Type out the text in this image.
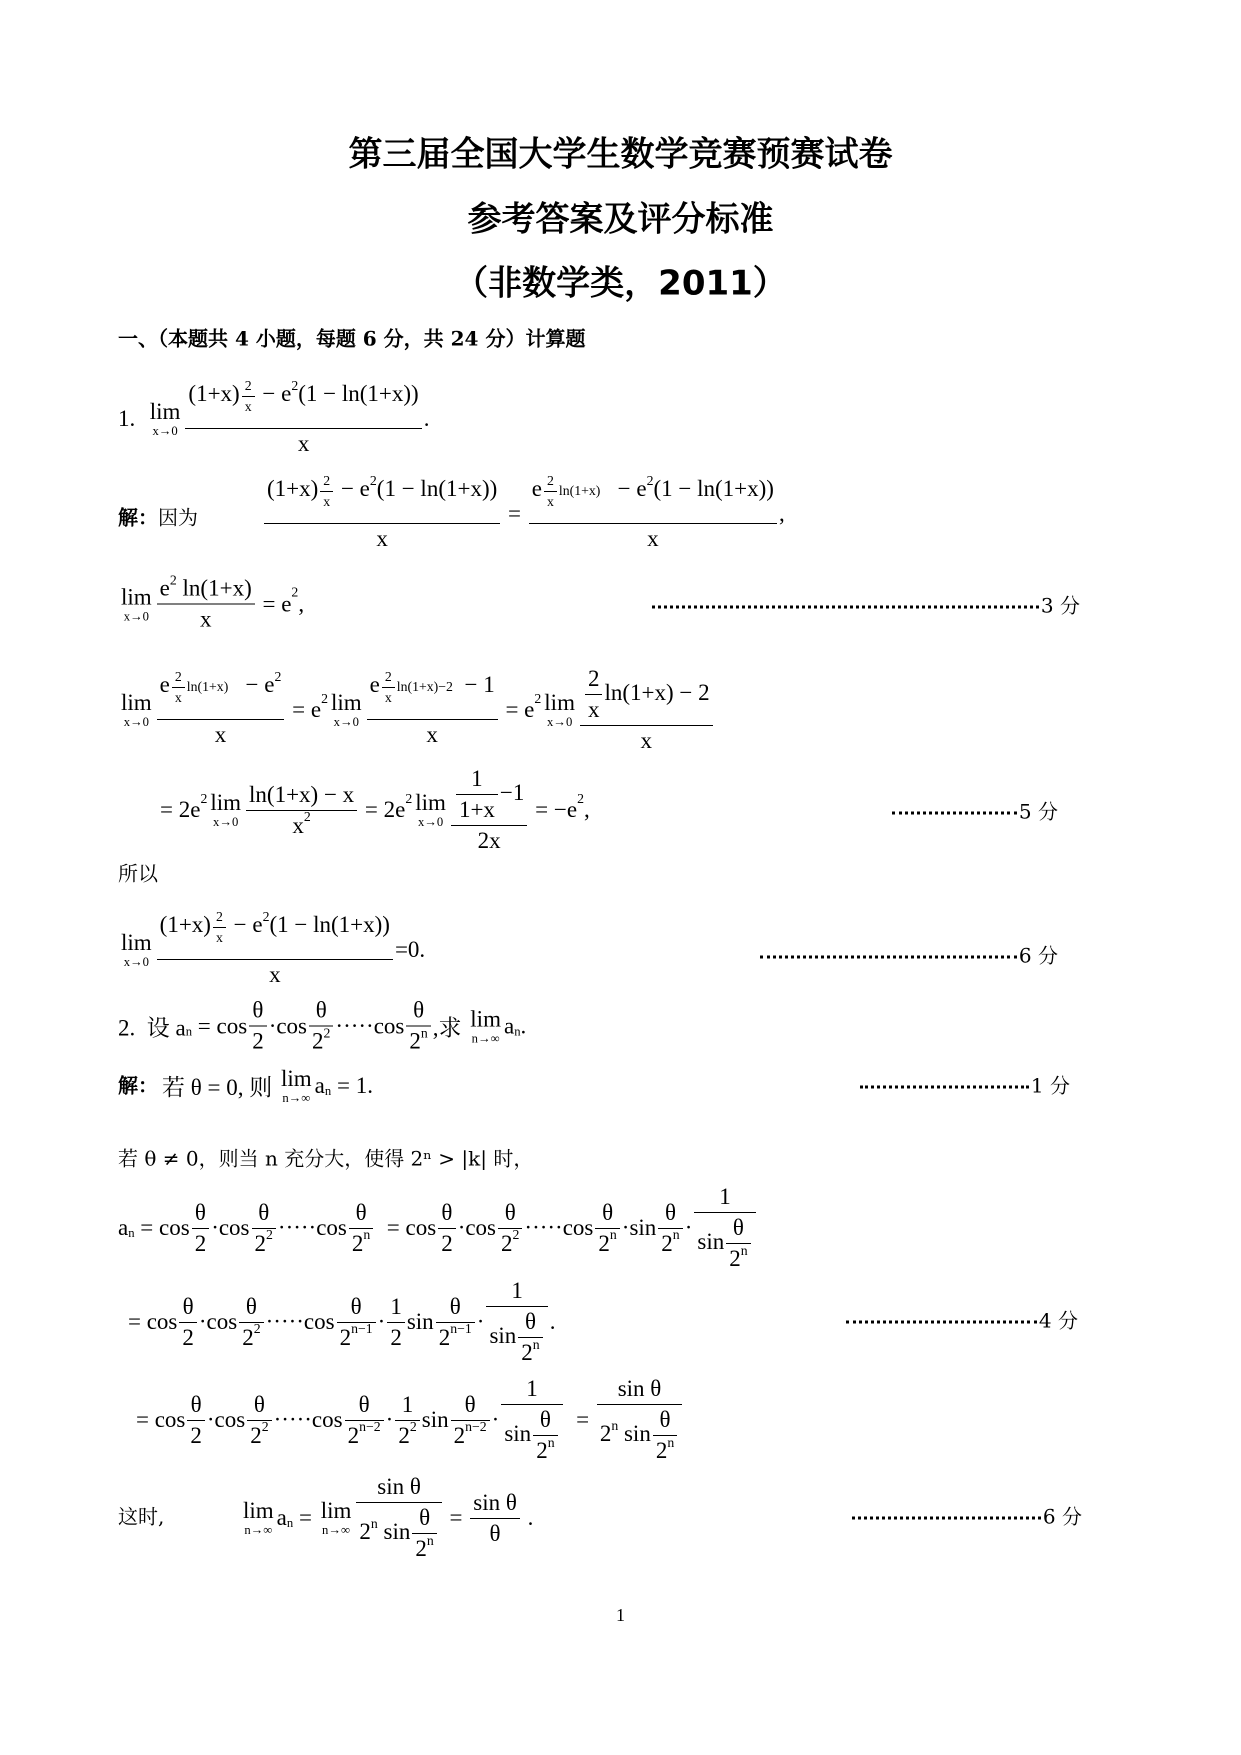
第三届全国大学生数学竞赛预赛试卷
参考答案及评分标准
（非数学类，2011）
一、（本题共 4 小题，每题 6 分，共 24 分）计算题
1. lim
$x\to 0 \frac{(1+x) \frac{2}{x} - e 2 (1 - \ln(1+x))}{x}$ .
解：因为	$\frac{(1+x) \frac{2}{x} - e 2 (1 - \ln(1+x))}{x} = \frac{e \frac{2}{x} \ln(1+x) - e 2 (1 - \ln(1+x))}{x}$ ,
lim
$x\to 0 \frac{e 2 \ln(1+x)}{x} = e$ 2 ,	3 分
lim
$x\to 0 \frac{e \frac{2}{x} \ln(1+x) - e 2}{x} = e$ 2 lim
$x\to 0 \frac{e \frac{2}{x} \ln(1+x)-2 - 1}{x} = e$ 2 lim
$x\to 0 \frac{\frac{2}{x} \ln(1+x) - 2}{x}$
= 2e 2 lim
$x\to 0 \frac{\ln(1+x) - x}{x 2} = 2e$ 2 lim
$x\to 0 \frac{\frac{1}{1+x} -1}{2x} = -e$ 2 ,	5 分
所以
lim
$x\to 0 \frac{(1+x) \frac{2}{x} - e 2 (1 - \ln(1+x))}{x} =0$.	6 分
2.  设 a $n = \cos \frac{\theta}{2} \cdot\cos \frac{\theta}{2 2} \cdot\cdot\cdot\cdot\cdot\cos \frac{\theta}{2 n}$ ,求 lim
n→∞
a n .
解： 若 θ = 0, 则 lim
n→∞
a n = 1.	1 分
若 θ ≠ 0，则当 n 充分大，使得 2ⁿ > |k| 时，
a $n = \cos \frac{\theta}{2} \cdot\cos \frac{\theta}{2 2} \cdot\cdot\cdot\cdot\cdot\cos \frac{\theta}{2 n} = \cos \frac{\theta}{2} \cdot\cos \frac{\theta}{2 2} \cdot\cdot\cdot\cdot\cdot\cos \frac{\theta}{2 n} \cdot\sin \frac{\theta}{2 n} \cdot \frac{1}{\sin \frac{\theta}{2 n}}$
= $\cos \frac{\theta}{2} \cdot\cos \frac{\theta}{2 2} \cdot\cdot\cdot\cdot\cdot\cos \frac{\theta}{2 n-1} \cdot \frac{1}{2}$ $\sin \frac{\theta}{2 n-1} \cdot \frac{1}{\sin \frac{\theta}{2 n}}$ .	4 分
= $\cos \frac{\theta}{2} \cdot\cos \frac{\theta}{2 2} \cdot\cdot\cdot\cdot\cdot\cos \frac{\theta}{2 n-2} \cdot \frac{1}{2 2}$ $\sin \frac{\theta}{2 n-2} \cdot \frac{1}{\sin \frac{\theta}{2 n}} = \frac{\text{sin θ}}{2 n \sin \frac{\theta}{2 n}}$
这时,	lim
n→∞
a n = lim
$n\to\infty \frac{\text{sin θ}}{2 n \sin \frac{\theta}{2 n}} = \frac{\text{sin θ}}{\theta}$ .	6 分
1
